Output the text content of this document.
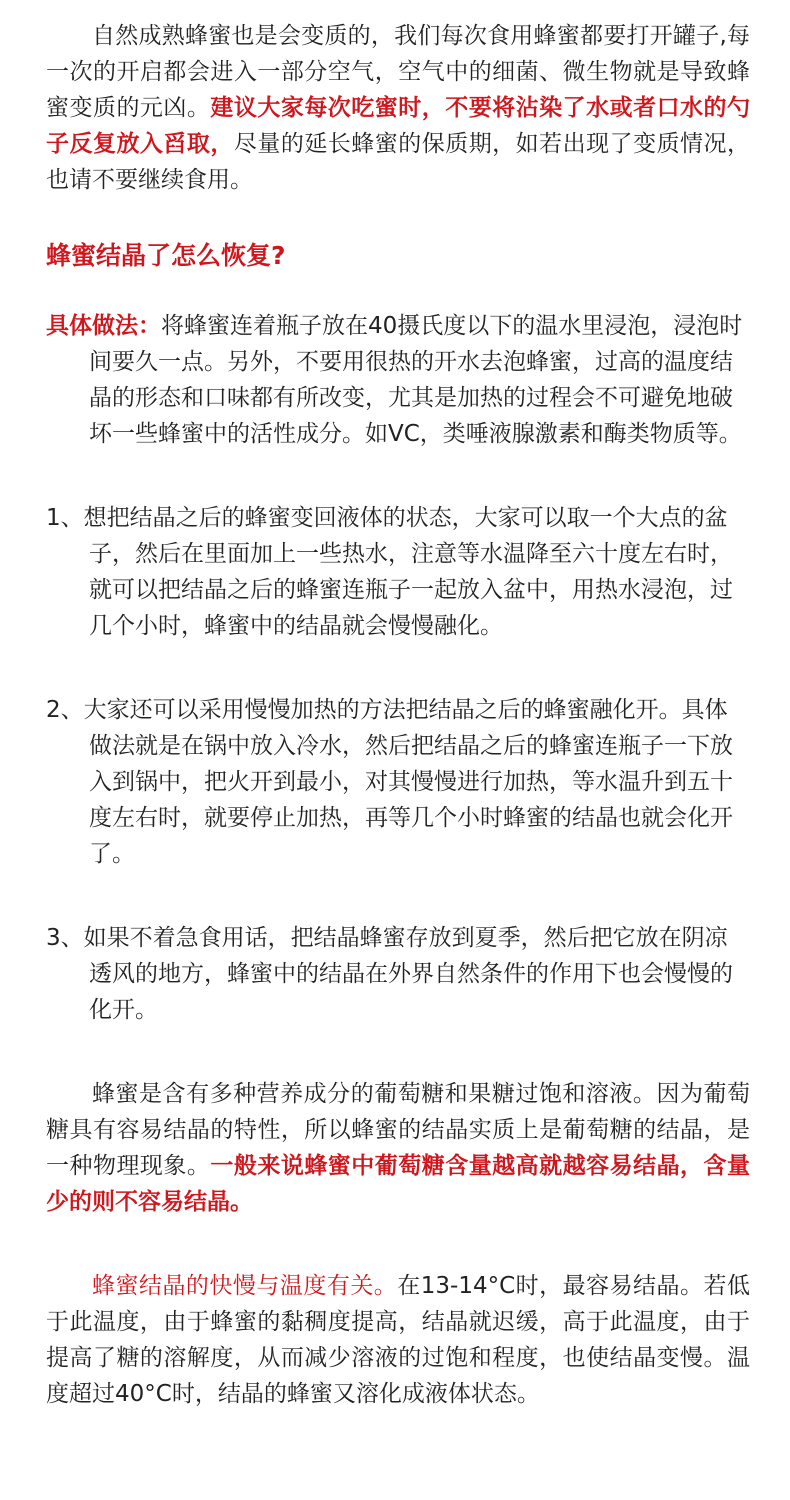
自然成熟蜂蜜也是会变质的，我们每次食用蜂蜜都要打开罐子,每一次的开启都会进入一部分空气，空气中的细菌、微生物就是导致蜂蜜变质的元凶。建议大家每次吃蜜时，不要将沾染了水或者口水的勺子反复放入舀取，尽量的延长蜂蜜的保质期，如若出现了变质情况，也请不要继续食用。

蜂蜜结晶了怎么恢复?

具体做法：将蜂蜜连着瓶子放在40摄氏度以下的温水里浸泡，浸泡时间要久一点。另外，不要用很热的开水去泡蜂蜜，过高的温度结晶的形态和口味都有所改变，尤其是加热的过程会不可避免地破坏一些蜂蜜中的活性成分。如VC，类唾液腺激素和酶类物质等。

1、想把结晶之后的蜂蜜变回液体的状态，大家可以取一个大点的盆子，然后在里面加上一些热水，注意等水温降至六十度左右时，就可以把结晶之后的蜂蜜连瓶子一起放入盆中，用热水浸泡，过几个小时，蜂蜜中的结晶就会慢慢融化。

2、大家还可以采用慢慢加热的方法把结晶之后的蜂蜜融化开。具体做法就是在锅中放入冷水，然后把结晶之后的蜂蜜连瓶子一下放入到锅中，把火开到最小，对其慢慢进行加热，等水温升到五十度左右时，就要停止加热，再等几个小时蜂蜜的结晶也就会化开了。

3、如果不着急食用话，把结晶蜂蜜存放到夏季，然后把它放在阴凉透风的地方，蜂蜜中的结晶在外界自然条件的作用下也会慢慢的化开。

蜂蜜是含有多种营养成分的葡萄糖和果糖过饱和溶液。因为葡萄糖具有容易结晶的特性，所以蜂蜜的结晶实质上是葡萄糖的结晶，是一种物理现象。一般来说蜂蜜中葡萄糖含量越高就越容易结晶，含量少的则不容易结晶。

蜂蜜结晶的快慢与温度有关。在13-14°C时，最容易结晶。若低于此温度，由于蜂蜜的黏稠度提高，结晶就迟缓，高于此温度，由于提高了糖的溶解度，从而减少溶液的过饱和程度，也使结晶变慢。温度超过40°C时，结晶的蜂蜜又溶化成液体状态。
